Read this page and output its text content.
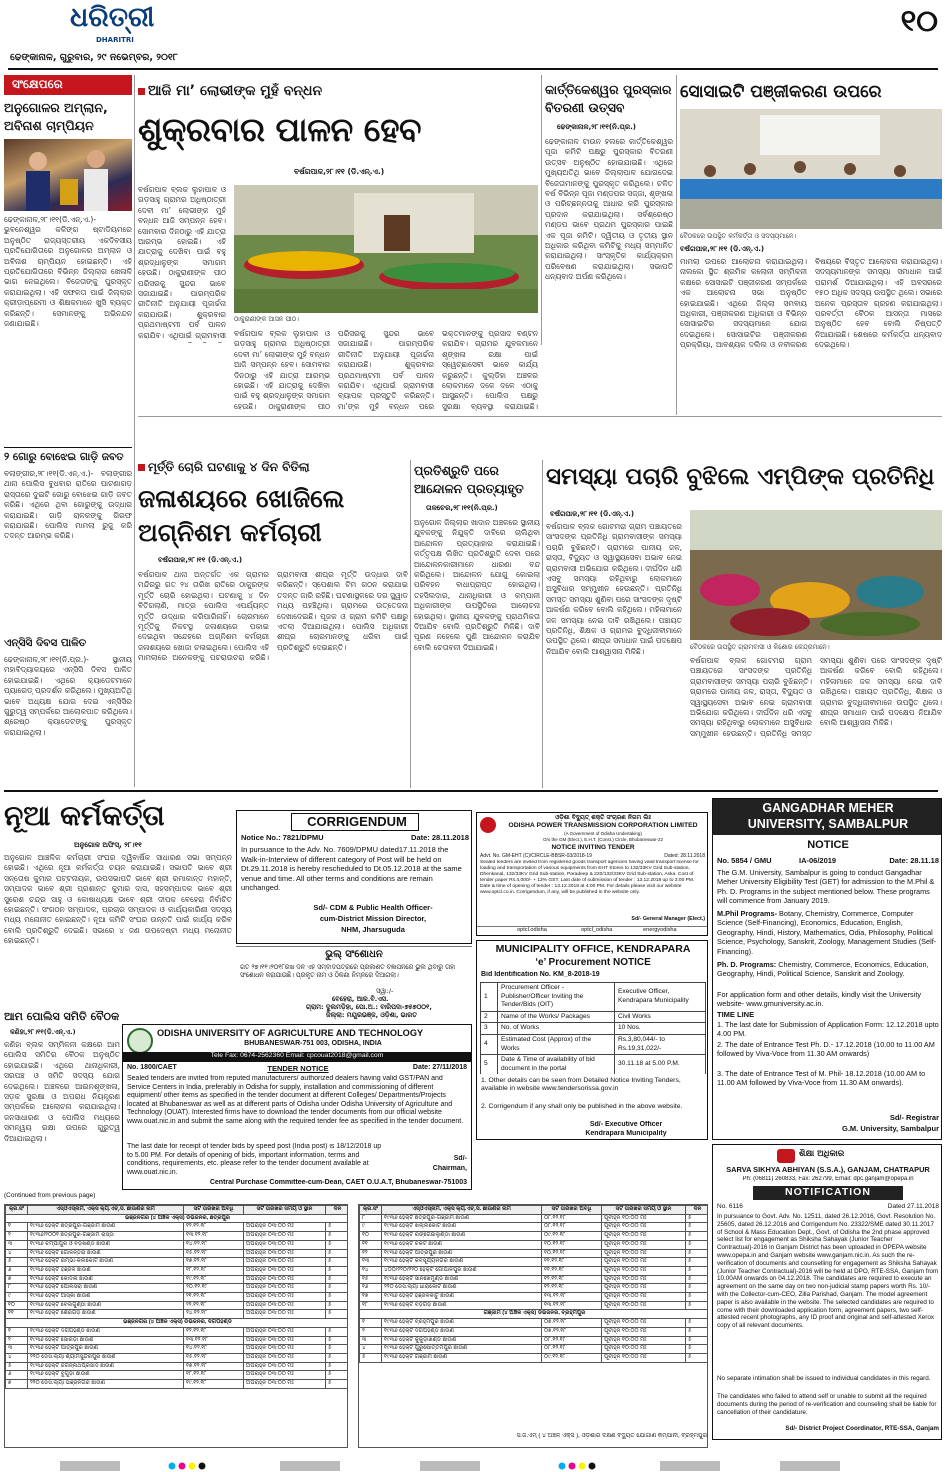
ଧରିତ୍ରୀ
DHARITRI
ଢେଙ୍କାନାଳ, ଗୁରୁବାର, ୨୯ ନଭେମ୍ବର, ୨୦୧୮
୧୦
ସଂକ୍ଷେପରେ
ଅନୁଗୋଳର ଅମ୍ଲାନ, ଅବିନାଶ ଚାମ୍ପିୟନ
ଢେଙ୍କାନାଳ,୨୮।୧୧(ଡି.ଏନ୍.ଏ.)- ଭୁବନେଶ୍ୱର କଳିଙ୍ଗ ଷ୍ଟାଡିୟମରେ ଅନୁଷ୍ଠିତ ରାଜ୍ୟସ୍ତରୀୟ ଏକଦିବସୀୟ ପ୍ରତିଯୋଗିତାରେ ଅନୁଗୋଳର ଅମ୍ଲାନ ଓ ଅବିନାଶ ଚାମ୍ପିୟନ ହୋଇଛନ୍ତି। ଏହି ପ୍ରତିଯୋଗିତାରେ ବିଭିନ୍ନ ଜିଲ୍ଲାର ଖେଳାଳି ଭାଗ ନେଇଥିଲେ। ବିଜେତାଙ୍କୁ ପୁରସ୍କୃତ କରାଯାଇଥିଲା। ଏହି ସଫଳତା ପାଇଁ ଜିଲ୍ଲାର କ୍ରୀଡ଼ାପ୍ରେମୀ ଓ ଶିକ୍ଷକମାନେ ଖୁସି ବ୍ୟକ୍ତ କରିଛନ୍ତି। ସେମାନଙ୍କୁ ଅଭିନନ୍ଦନ ଜଣାଯାଇଛି।
୨ ଗୋରୁ ବୋଝେଇ ଗାଡ଼ି ଜବତ
ବଲାଙ୍ଗୀର,୨୮।୧୧(ଡି.ଏନ୍.ଏ.)- ବଲାଙ୍ଗୀର ଥାନା ପୋଲିସ ବୁଧବାର ରାତିରେ ପାଟଣାଗଡ଼ ରାସ୍ତାରେ ଦୁଇଟି ଗୋରୁ ବୋଝେଇ ଗାଡ଼ି ଜବତ କରିଛି। ଏଥିରେ ଥିବା ଗୋରୁଙ୍କୁ ଉଦ୍ଧାର କରାଯାଇଛି। ଗାଡ଼ି ଚାଳକଙ୍କୁ ଗିରଫ କରାଯାଇଛି। ପୋଲିସ ମାମଲା ରୁଜୁ କରି ତଦନ୍ତ ଆରମ୍ଭ କରିଛି।
ଏନ୍‌ସିସି ଦିବସ ପାଳିତ
ଢେଙ୍କାନାଳ,୨୮।୧୧(ନି.ପ୍ର.)- ସ୍ଥାନୀୟ ମହାବିଦ୍ୟାଳୟରେ ଏନ୍‌ସିସି ଦିବସ ପାଳିତ ହୋଇଯାଇଛି। ଏଥିରେ କ୍ୟାଡେଟମାନେ ପ୍ୟାରେଡ୍ ପ୍ରଦର୍ଶନ କରିଥିଲେ। ମୁଖ୍ୟଅତିଥି ଭାବେ ଅଧ୍ୟକ୍ଷ ଯୋଗ ଦେଇ ଏନ୍‌ସିସିର ଗୁରୁତ୍ୱ ସମ୍ପର୍କରେ ଆଲୋକପାତ କରିଥିଲେ। ଶ୍ରେଷ୍ଠ କ୍ୟାଡେଟଙ୍କୁ ପୁରସ୍କୃତ କରାଯାଇଥିଲା।
ଆଜି ମା’ ଲୋଭୀଙ୍କ ମୁହଁ ବନ୍ଧନ
ଶୁକ୍ରବାର ପାଳନ ହେବ
ବର୍ଷଗପାଳ,୨୮।୧୧ (ଡି.ଏନ୍.ଏ.)
ବର୍ଷଗପାଳ ବ୍ଲକ ଲୁହାପାଳ ଓ ଗଡ଼ସାହୁ ଗ୍ରାମର ଅଧିଷ୍ଠାତ୍ରୀ ଦେବୀ ମା’ ଲୋଭୀଙ୍କ ମୁହଁ ବନ୍ଧନ ଆଜି ସମ୍ପନ୍ନ ହେବ। ସୋମବାର ଦିନଠାରୁ ଏହି ଯାତ୍ରା ଆରମ୍ଭ ହୋଇଛି। ଏହି ଯାତ୍ରାକୁ ଦେଖିବା ପାଇଁ ବହୁ ଶ୍ରଦ୍ଧାଳୁଙ୍କ ସମାଗମ ହେଉଛି। ଠାକୁରାଣୀଙ୍କ ପୀଠ ପରିସରକୁ ସୁନ୍ଦର ଭାବେ ସଜାଯାଇଛି। ପାରମ୍ପରିକ ରୀତିନୀତି ଅନୁଯାୟୀ ପୂଜାର୍ଚ୍ଚନା କରାଯାଉଛି। ଶୁକ୍ରବାର ପ୍ରଥମାଷ୍ଟମୀ ପର୍ବ ପାଳନ କରାଯିବ। ଏଥିପାଇଁ ଗ୍ରାମବାସୀ
ଠାକୁରାଣୀଙ୍କ ଆସନ ପୀଠ।
ବର୍ଷଗପାଳ ବ୍ଲକ ଲୁହାପାଳ ଓ ଗଡ଼ସାହୁ ଗ୍ରାମର ଅଧିଷ୍ଠାତ୍ରୀ ଦେବୀ ମା’ ଲୋଭୀଙ୍କ ମୁହଁ ବନ୍ଧନ ଆଜି ସମ୍ପନ୍ନ ହେବ। ସୋମବାର ଦିନଠାରୁ ଏହି ଯାତ୍ରା ଆରମ୍ଭ ହୋଇଛି। ଏହି ଯାତ୍ରାକୁ ଦେଖିବା ପାଇଁ ବହୁ ଶ୍ରଦ୍ଧାଳୁଙ୍କ ସମାଗମ ହେଉଛି। ଠାକୁରାଣୀଙ୍କ ପୀଠ ପରିସରକୁ ସୁନ୍ଦର ଭାବେ ସଜାଯାଇଛି। ପାରମ୍ପରିକ ରୀତିନୀତି ଅନୁଯାୟୀ ପୂଜାର୍ଚ୍ଚନା କରାଯାଉଛି। ଶୁକ୍ରବାର ପ୍ରଥମାଷ୍ଟମୀ ପର୍ବ ପାଳନ କରାଯିବ। ଏଥିପାଇଁ ଗ୍ରାମବାସୀ ବ୍ୟାପକ ପ୍ରସ୍ତୁତି କରିଛନ୍ତି। ମା’ଙ୍କ ମୁହଁ ବନ୍ଧନ ପରେ ଭକ୍ତମାନଙ୍କୁ ପ୍ରସାଦ ବଣ୍ଟନ କରାଯିବ। ଗ୍ରାମର ଯୁବକମାନେ ଶୃଙ୍ଖଳା ରକ୍ଷା ପାଇଁ ସ୍ୱେଚ୍ଛାସେବୀ ଭାବେ କାର୍ଯ୍ୟ କରୁଛନ୍ତି। କୁଲ୍ଡିହା ଅଞ୍ଚଳର ଲୋକମାନେ ଦଳେ ଦଳେ ଏଠାକୁ ଆସୁଛନ୍ତି। ପୋଲିସ ପକ୍ଷରୁ ସୁରକ୍ଷା ବ୍ୟବସ୍ଥା କରାଯାଇଛି।
କାର୍ତ୍ତିକେଶ୍ୱର ପୁରସ୍କାର ବିତରଣୀ ଉତ୍ସବ
ଢେଙ୍କାନାଳ,୨୮।୧୧(ନି.ପ୍ର.)
ଢେଙ୍କାନାଳ ଟାଉନ ହଲରେ କାର୍ତ୍ତିକେଶ୍ୱର ପୂଜା କମିଟି ପକ୍ଷରୁ ପୁରସ୍କାର ବିତରଣୀ ଉତ୍ସବ ଅନୁଷ୍ଠିତ ହୋଇଯାଇଛି। ଏଥିରେ ମୁଖ୍ୟଅତିଥି ଭାବେ ଜିଲ୍ଲାପାଳ ଯୋଗଦେଇ ବିଜେତାମାନଙ୍କୁ ପୁରସ୍କୃତ କରିଥିଲେ। ଚଳିତ ବର୍ଷ ବିଭିନ୍ନ ପୂଜା ମଣ୍ଡପର ସଜ୍ଜା, ଶୃଙ୍ଖଳା ଓ ପରିଚ୍ଛନ୍ନତାକୁ ଆଧାର କରି ପୁରସ୍କାର ପ୍ରଦାନ କରାଯାଇଥିଲା। ସର୍ବଶ୍ରେଷ୍ଠ ମଣ୍ଡପ ଭାବେ ପ୍ରଥମ ପୁରସ୍କାର ପାଇଛି ଏକ ପୂଜା କମିଟି। ଦ୍ୱିତୀୟ ଓ ତୃତୀୟ ସ୍ଥାନ ଅଧିକାର କରିଥିବା କମିଟିକୁ ମଧ୍ୟ ସମ୍ମାନିତ କରାଯାଇଥିଲା। ସାଂସ୍କୃତିକ କାର୍ଯ୍ୟକ୍ରମ ପରିବେଷଣ କରାଯାଇଥିଲା। ସଭାପତି ଧନ୍ୟବାଦ ଅର୍ପଣ କରିଥିଲେ।
ସୋସାଇଟି ପଞ୍ଜୀକରଣ ଉପରେ
ବୈଠକରେ ଉପସ୍ଥିତ କର୍ମକର୍ତ୍ତା ଓ ସଦସ୍ୟମାନେ।
ବର୍ଷଗପାଳ,୨୮।୧୧ (ଡି.ଏନ୍.ଏ.)
ମାମଲା ଉପରେ ଆଲୋଚନା କରାଯାଇଥିଲା। ନାଲକୋ ସ୍ଥିତ ଶ୍ରମିକ କଲୋନୀ ସମ୍ମିଳନୀ କକ୍ଷରେ ସୋସାଇଟି ପଞ୍ଜୀକରଣ ସମ୍ପର୍କରେ ଏକ ଆଲୋଚନା ସଭା ଅନୁଷ୍ଠିତ ହୋଇଯାଇଛି। ଏଥିରେ ଜିଲ୍ଲା ସମବାୟ ଅଧିକାରୀ, ପଞ୍ଜୀକରଣ ଅଧିକାରୀ ଓ ବିଭିନ୍ନ ସୋସାଇଟିର ସଦସ୍ୟମାନେ ଯୋଗ ଦେଇଥିଲେ। ସୋସାଇଟିର ପଞ୍ଜୀକରଣ ପ୍ରକ୍ରିୟା, ଆବଶ୍ୟକ ଦଲିଲ ଓ ନବୀକରଣ ବିଷୟରେ ବିସ୍ତୃତ ଆଲୋଚନା କରାଯାଇଥିଲା। ସଦସ୍ୟମାନଙ୍କ ସମସ୍ୟା ସମାଧାନ ପାଇଁ ପରାମର୍ଶ ଦିଆଯାଇଥିଲା। ଏହି ଅବସରରେ ୧୫୦ ଅଧିକ ସଦସ୍ୟ ଉପସ୍ଥିତ ଥିଲେ। ସଭାରେ ଅନେକ ପ୍ରସ୍ତାବ ଗ୍ରହଣ କରାଯାଇଥିଲା। ପରବର୍ତ୍ତୀ ବୈଠକ ଆସନ୍ତା ମାସରେ ଅନୁଷ୍ଠିତ ହେବ ବୋଲି ନିଷ୍ପତ୍ତି ନିଆଯାଇଛି। ଶେଷରେ କର୍ମକର୍ତ୍ତା ଧନ୍ୟବାଦ ଦେଇଥିଲେ।
ମୂର୍ତ୍ତି ଚୋରି ଘଟଣାକୁ ୪ ଦିନ ବିତିଲା
ଜଳାଶୟରେ ଖୋଜିଲେ ଅଗ୍ନିଶମ କର୍ମଚାରୀ
ବର୍ଷଗପାଳ,୨୮।୧୧ (ଡି.ଏନ୍.ଏ.)
ବର୍ଷଗପାଳ ଥାନା ଅନ୍ତର୍ଗତ ଏକ ଗ୍ରାମର ମନ୍ଦିରରୁ ଗତ ୨୪ ତାରିଖ ରାତିରେ ଠାକୁରଙ୍କ ମୂର୍ତ୍ତି ଚୋରି ହୋଇଥିଲା। ଘଟଣାକୁ ୪ ଦିନ ବିତିଗଲାଣି, ମାତ୍ର ପୋଲିସ ଏପର୍ଯ୍ୟନ୍ତ ମୂର୍ତ୍ତି ଉଦ୍ଧାର କରିପାରିନାହିଁ। ଚୋରମାନେ ମୂର୍ତ୍ତିକୁ ନିକଟସ୍ଥ ଜଳାଶୟରେ ପକାଇ ଦେଇଥିବା ସନ୍ଦେହରେ ଅଗ୍ନିଶମ କର୍ମଚାରୀ ଜଳାଶୟରେ ଖୋଜା ଚଳାଇଥିଲେ। ପୋଲିସ ଏହି ମାମଲାରେ ଅନେକଙ୍କୁ ପଚରାଉଚରା କରିଛି। ଗ୍ରାମବାସୀ ଶୀଘ୍ର ମୂର୍ତ୍ତି ଉଦ୍ଧାର ଦାବି କରିଛନ୍ତି। ସ୍ପେଶାଲ ଟିମ ଗଠନ କରାଯାଇ ତଦନ୍ତ ଜାରି ରହିଛି। ଘଟଣାସ୍ଥଳରେ ଡଗ ସ୍କ୍ୱାଡ ମଧ୍ୟ ପହଞ୍ଚିଥିଲା। ଗ୍ରାମରେ ଉତ୍ତେଜନା ଦେଖାଦେଇଛି। ପୂଜକ ଓ ଗ୍ରାମ କମିଟି ପକ୍ଷରୁ ଏତଲା ଦିଆଯାଇଥିଲା। ପୋଲିସ ଅଧିକାରୀ ଶୀଘ୍ର ଚୋରମାନଙ୍କୁ ଧରିବା ପାଇଁ ପ୍ରତିଶ୍ରୁତି ଦେଇଛନ୍ତି।
ପ୍ରତିଶ୍ରୁତି ପରେ ଆନ୍ଦୋଳନ ପ୍ରତ୍ୟାହୃତ
ତାଳଚେର,୨୮।୧୧(ନି.ପ୍ର.)
ଅନୁଗୋଳ ଜିଲ୍ଲାର ଖାଦାନ ଅଞ୍ଚଳରେ ସ୍ଥାନୀୟ ଯୁବକଙ୍କୁ ନିଯୁକ୍ତି ଦାବିରେ ଚାଲିଥିବା ଆନ୍ଦୋଳନ ପ୍ରତ୍ୟାହାର କରାଯାଇଛି। କର୍ତ୍ତୃପକ୍ଷ ଲିଖିତ ପ୍ରତିଶ୍ରୁତି ଦେବା ପରେ ଆନ୍ଦୋଳନକାରୀମାନେ ଧାରଣା ବନ୍ଦ କରିଥିଲେ। ଆନ୍ଦୋଳନ ଯୋଗୁ କୋଇଲା ପରିବହନ ବାଧାପ୍ରାପ୍ତ ହୋଇଥିଲା। ତହସିଲଦାର, ଥାନାଧିକାରୀ ଓ କମ୍ପାନୀ ଅଧିକାରୀଙ୍କ ଉପସ୍ଥିତିରେ ଆଲୋଚନା ହୋଇଥିଲା। ସ୍ଥାନୀୟ ଯୁବକଙ୍କୁ ପ୍ରାଥମିକତା ଦିଆଯିବ ବୋଲି ପ୍ରତିଶ୍ରୁତି ମିଳିଛି। ଦାବି ପୂରଣ ନହେଲେ ପୁଣି ଆନ୍ଦୋଳନ କରାଯିବ ବୋଲି ଚେତାବନୀ ଦିଆଯାଇଛି।
ସମସ୍ୟା ପଚାରି ବୁଝିଲେ ଏମ୍‌ପିଙ୍କ ପ୍ରତିନିଧି
ବର୍ଷଗପାଳ,୨୮।୧୧ (ଡି.ଏନ୍.ଏ.)
ବର୍ଷଗପାଳ ବ୍ଲକ ଗୋଟମରା ଗ୍ରାମ ପଞ୍ଚାୟତରେ ସାଂସଦଙ୍କ ପ୍ରତିନିଧି ଗ୍ରାମବାସୀଙ୍କ ସମସ୍ୟା ପଚାରି ବୁଝିଛନ୍ତି। ଗ୍ରାମରେ ପାନୀୟ ଜଳ, ରାସ୍ତା, ବିଦ୍ୟୁତ ଓ ସ୍ୱାସ୍ଥ୍ୟସେବା ଅଭାବ ନେଇ ଗ୍ରାମବାସୀ ଅଭିଯୋଗ କରିଥିଲେ। ଦୀର୍ଘଦିନ ଧରି ଏସବୁ ସମସ୍ୟା ରହିଥିବାରୁ ଲୋକମାନେ ଅସୁବିଧାର ସମ୍ମୁଖୀନ ହେଉଛନ୍ତି। ପ୍ରତିନିଧି ସମସ୍ତ ସମସ୍ୟା ଶୁଣିବା ପରେ ସାଂସଦଙ୍କ ଦୃଷ୍ଟି ଆକର୍ଷଣ କରିବେ ବୋଲି କହିଥିଲେ। ମହିଳାମାନେ ଜଳ ସମସ୍ୟା ନେଇ ଦାବି ରଖିଥିଲେ। ପଞ୍ଚାୟତ ପ୍ରତିନିଧି, ଶିକ୍ଷକ ଓ ଗ୍ରାମର ବୁଦ୍ଧିଜୀବୀମାନେ ଉପସ୍ଥିତ ଥିଲେ। ଶୀଘ୍ର ସମାଧାନ ପାଇଁ ପଦକ୍ଷେପ ନିଆଯିବ ବୋଲି ଆଶ୍ୱାସନା ମିଳିଛି।	ବୈଠକରେ ଉପସ୍ଥିତ ଗ୍ରାମବାସୀ ଓ କିଶୋର କେନ୍ଦ୍ରମାନେ।
ବର୍ଷଗପାଳ ବ୍ଲକ ଗୋଟମରା ଗ୍ରାମ ପଞ୍ଚାୟତରେ ସାଂସଦଙ୍କ ପ୍ରତିନିଧି ଗ୍ରାମବାସୀଙ୍କ ସମସ୍ୟା ପଚାରି ବୁଝିଛନ୍ତି। ଗ୍ରାମରେ ପାନୀୟ ଜଳ, ରାସ୍ତା, ବିଦ୍ୟୁତ ଓ ସ୍ୱାସ୍ଥ୍ୟସେବା ଅଭାବ ନେଇ ଗ୍ରାମବାସୀ ଅଭିଯୋଗ କରିଥିଲେ। ଦୀର୍ଘଦିନ ଧରି ଏସବୁ ସମସ୍ୟା ରହିଥିବାରୁ ଲୋକମାନେ ଅସୁବିଧାର ସମ୍ମୁଖୀନ ହେଉଛନ୍ତି। ପ୍ରତିନିଧି ସମସ୍ତ ସମସ୍ୟା ଶୁଣିବା ପରେ ସାଂସଦଙ୍କ ଦୃଷ୍ଟି ଆକର୍ଷଣ କରିବେ ବୋଲି କହିଥିଲେ। ମହିଳାମାନେ ଜଳ ସମସ୍ୟା ନେଇ ଦାବି ରଖିଥିଲେ। ପଞ୍ଚାୟତ ପ୍ରତିନିଧି, ଶିକ୍ଷକ ଓ ଗ୍ରାମର ବୁଦ୍ଧିଜୀବୀମାନେ ଉପସ୍ଥିତ ଥିଲେ। ଶୀଘ୍ର ସମାଧାନ ପାଇଁ ପଦକ୍ଷେପ ନିଆଯିବ ବୋଲି ଆଶ୍ୱାସନା ମିଳିଛି।
ନୂଆ କର୍ମକର୍ତ୍ତା
ଅନୁଗୋଳ ଅଫିସ୍, ୨୮।୧୧
ଅନୁଗୋଳ ଆଞ୍ଚଳିକ କର୍ମଚାରୀ ସଂଘର ଦ୍ୱିବାର୍ଷିକ ସାଧାରଣ ସଭା ସମ୍ପନ୍ନ ହୋଇଛି। ଏଥିରେ ନୂଆ କର୍ମକର୍ତ୍ତା ଚୟନ କରାଯାଇଛି। ସଭାପତି ଭାବେ ଶ୍ରୀ ସନ୍ତୋଷ କୁମାର ପଟ୍ଟନାୟକ, ଉପସଭାପତି ଭାବେ ଶ୍ରୀ ରମାକାନ୍ତ ମହାନ୍ତି, ସମ୍ପାଦକ ଭାବେ ଶ୍ରୀ ପ୍ରଶାନ୍ତ କୁମାର ଦାସ, ସହସମ୍ପାଦକ ଭାବେ ଶ୍ରୀ ସୁରେଶ ଚନ୍ଦ୍ର ସାହୁ ଓ କୋଷାଧ୍ୟକ୍ଷ ଭାବେ ଶ୍ରୀ ଦୀପକ ବେହେରା ନିର୍ବାଚିତ ହୋଇଛନ୍ତି। ସଂଗଠନ ସମ୍ପାଦକ, ପ୍ରଚାର ସମ୍ପାଦକ ଓ କାର୍ଯ୍ୟକାରିଣୀ ସଦସ୍ୟ ମଧ୍ୟ ମନୋନୀତ ହୋଇଛନ୍ତି। ନୂଆ କମିଟି ସଂଘର ଉନ୍ନତି ପାଇଁ କାର୍ଯ୍ୟ କରିବ ବୋଲି ପ୍ରତିଶ୍ରୁତି ଦେଇଛି। ସଭାରେ ୪ ଜଣ ଉପଦେଷ୍ଟା ମଧ୍ୟ ମନୋନୀତ ହୋଇଛନ୍ତି।
ଆମ ପୋଲିସ ସମିତି ବୈଠକ
କଣିହା,୨୮।୧୧(ଡି.ଏନ୍.ଏ.)
କଣିହା ବ୍ଲକ ସମ୍ମିଳନୀ କକ୍ଷରେ ଆମ ପୋଲିସ ସମିତିର ବୈଠକ ଅନୁଷ୍ଠିତ ହୋଇଯାଇଛି। ଏଥିରେ ଥାନାଧିକାରୀ, ସରପଞ୍ଚ ଓ ସମିତି ସଦସ୍ୟ ଯୋଗ ଦେଇଥିଲେ। ଅଞ୍ଚଳରେ ଆଇନଶୃଙ୍ଖଳା, ସଡ଼କ ସୁରକ୍ଷା ଓ ଅପରାଧ ନିୟନ୍ତ୍ରଣ ସମ୍ପର୍କରେ ଆଲୋଚନା କରାଯାଇଥିଲା। ଜନସାଧାରଣ ଓ ପୋଲିସ ମଧ୍ୟରେ ସମନ୍ୱୟ ରକ୍ଷା ଉପରେ ଗୁରୁତ୍ୱ ଦିଆଯାଇଥିଲା।
CORRIGENDUM
Notice No.: 7821/DPMU	Date: 28.11.2018
In pursuance to the Adv. No. 7609/DPMU dated17.11.2018 the Walk-in-Interview of different category of Post will be held on Dt.29.11.2018 is hereby rescheduled to Dt.05.12.2018 at the same venue and time. All other terms and conditions are remain unchanged.
Sd/- CDM & Public Health Officer-
cum-District Mission Director,
NHM, Jharsuguda
ଭୁଲ୍ ସଂଶୋଧନ
ଗତ ୨୭।୧୧।୨୦୧୮ରିଖ ଦିନ ଏହି ସମ୍ବାଦପତ୍ରରେ ପ୍ରକାଶିତ ବିଜ୍ଞାପନରେ ଭୁଲ ଥିବାରୁ ତାହା ସଂଶୋଧନ କରାଯାଉଛି। ପ୍ରକୃତ ନାମ ଓ ଠିକଣା ନିମ୍ନରେ ଦିଆଗଲା।
ସ୍ୱା:/-
ବେହେରା, ଆର.ବି.ଏସ.
ଗ୍ରାମ: ଦୁଲମଡ଼ିହା, ପୋ.ଅ.: ବାରିପଦା-୭୫୭୦୦୧,
ଜିଲ୍ଲା: ମୟୂରଭଞ୍ଜ, ଓଡ଼ିଶା, ଭାରତ
ଓଡ଼ିଶା ବିଦ୍ୟୁତ୍ ଶକ୍ତି ସଂଚାରଣ ନିଗମ ଲିଃ
ODISHA POWER TRANSMISSION CORPORATION LIMITED
(A Government of Odisha Undertaking)
O/o the GM (Elect.), E.H.T. (Const.) Circle, Bhubaneswar-22
NOTICE INVITING TENDER
Advt. No. GM-EHT (C)/CIRCLE-BBSR-03/2018-19	Dated: 28.11.2018
Sealed tenders are invited from registered goods transport agencies having valid transport license for loading and transportation of various equipments from EHT Stores to 132/33KV Grid Sub-station, Dhenkanal, 132/33KV Grid Sub-station, Paradeep & 220/132/33KV Grid Sub-station, Aska. Cost of tender paper Rs.4,000/- + 12% GST. Last date of submission of tender : 13.12.2018 up to 3:00 PM. Date & time of opening of tender : 13.12.2018 at 4:00 PM. For details please visit our website www.optcl.co.in. Corrigendum, if any, will be published in the website only.
Sd/- General Manager (Elect.)
optcl.odisha	optcl_odisha	energyodisha
MUNICIPALITY OFFICE, KENDRAPARA
‘e’ Procurement NOTICE
Bid Identification No. KM_8-2018-19
1	Procurement Officer - Publisher/Officer Inviting the Tender/Bids (OIT)	Executive Officer, Kendrapara Municipality
2	Name of the Works/ Packages	Civil Works
3	No. of Works	10 Nos.
4	Estimated Cost (Approx) of the Works	Rs.3,80,044/- to Rs.19,31,022/-
5	Date & Time of availability of bid document in the portal	30.11.18 at 5.00 P.M.

1. Other details can be seen from Detailed Notice Inviting Tenders, available in website www.tendersorissa.gov.in
2. Corrigendum if any shall only be published in the above website.
Sd/- Executive Officer
Kendrapara Municipality
GANGADHAR MEHER
UNIVERSITY, SAMBALPUR
NOTICE
No. 5854 / GMU	IA-06/2019	Date: 28.11.18
The G.M. University, Sambalpur is going to conduct Gangadhar Meher University Eligibility Test (GET) for admission to the M.Phil & Ph. D. Programs in the subject mentioned below. These programs will commence from January 2019.
M.Phil Programs- Botany, Chemistry, Commerce, Computer Science (Self-Financing), Economics, Education, English, Geography, Hindi, History, Mathematics, Odia, Philosophy, Political Science, Psychology, Sanskrit, Zoology, Management Studies (Self-Financing).
Ph. D. Programs: Chemistry, Commerce, Economics, Education, Geography, Hindi, Political Science, Sanskrit and Zoology.
For application form and other details, kindly visit the University website- www.gmuniversity.ac.in.
TIME LINE
1. The last date for Submission of Application Form: 12.12.2018 upto 4.00 PM.
2. The date of Entrance Test Ph. D.- 17.12.2018 (10.00 to 11.00 AM followed by Viva-Voce from 11.30 AM onwards)
3. The date of Entrance Test of M. Phil- 18.12.2018 (10.00 AM to 11.00 AM followed by Viva-Voce from 11.30 AM onwards).
Sd/- Registrar
G.M. University, Sambalpur
ODISHA UNIVERSITY OF AGRICULTURE AND TECHNOLOGY
BHUBANESWAR-751 003, ODISHA, INDIA
Tele Fax: 0674-2562360 Email: cpcouat2018@gmail.com
No. 1800/CAET	TENDER NOTICE	Date: 27/11/2018
Sealed tenders are invited from reputed manufacturers/ authorized dealers having valid GST/PAN and Service Centers in India, preferably in Odisha for supply, installation and commissioning of different equipment/ other items as specified in the tender document at different Colleges/ Departments/Projects located at Bhubaneswar as well as at different parts of Odisha under Odisha University of Agriculture and Technology (OUAT). Interested firms have to download the tender documents from our official website www.ouat.nic.in and submit the same along with the required tender fee as specified in the tender document.
The last date for receipt of tender bids by speed post (India post) is 18/12/2018 up to 5.00 PM. For details of opening of bids, important information, terms and conditions, requirements, etc. please refer to the tender document available at www.ouat.nic.in.
Sd/-
Chairman,
Central Purchase Committee-cum-Dean, CAET O.U.A.T, Bhubaneswar-751003
(Continued from previous page)
କ୍ର.ସଂ	ଏସ୍‌ଓଏସ୍‌ନାମ, ଏକ୍ସ କ୍ୟ.ଏଚ୍.ସି. ଛାଉଣିର ନାମ	ସର୍ଟ ତାରିଖର ଅବଧି	ସର୍ଟ ତାରିଖର ସମୟ ଓ ସ୍ଥାନ	ଦିନ
ଭଞ୍ଜନଗର (୪ ଅଞ୍ଚଳ ଏକ୍ସ) ଡିଭିଜନର, ଛତ୍ରପୁର				
୧	୧୯୩୬ ହେକ୍ଟ ଛତ୍ରପୁର-ଗଞ୍ଜାମ ଛାଉଣି	୧୨.୧୨.୧୮	ଅପରାହ୍ନ ୦୩:୦୦ ମିଃ	୫
୨	୧୯୩୬/୨୦୦୧ ଛତ୍ରପୁର-ଗଞ୍ଜାମ ରାସ୍ତା	୧୩.୧୨.୧୮	ଅପରାହ୍ନ ୦୩:୦୦ ମିଃ	୫
୩	୧୯୩୬ ଚମ୍ପାପୁର ଓ ବଡ଼ଖଣ୍ଡି ଛାଉଣି	୧୪.୧୨.୧୮	ଅପରାହ୍ନ ୦୩:୦୦ ମିଃ	୫
୪	୧୯୩୬ ହେକ୍ଟ ଗୋଳନ୍ତରା ଛାଉଣି	୧୫.୧୨.୧୮	ଅପରାହ୍ନ ୦୩:୦୦ ମିଃ	୫
୫	୧୯୩୬ ହେକ୍ଟ ରମ୍ଭା-କଲିକୋଟ ଛାଉଣି	୧୭.୧୨.୧୮	ଅପରାହ୍ନ ୦୩:୦୦ ମିଃ	୫
୬	୧୯୩୬ ହେକ୍ଟ ହିଞ୍ଜିଳି ଛାଉଣି	୧୮.୧୨.୧୮	ଅପରାହ୍ନ ୦୩:୦୦ ମିଃ	୫
୭	୧୯୩୬ ହେକ୍ଟ କୋଦଳା ଛାଉଣି	୧୯.୧୨.୧୮	ଅପରାହ୍ନ ୦୩:୦୦ ମିଃ	୫
୮	୧୯୩୬ ହେକ୍ଟ ପୋଲସରା ଛାଉଣି	୨୦.୧୨.୧୮	ଅପରାହ୍ନ ୦୩:୦୦ ମିଃ	୫
୯	୧୯୩୬ ହେକ୍ଟ ଆସ୍କା ଛାଉଣି	୨୧.୧୨.୧୮	ଅପରାହ୍ନ ୦୩:୦୦ ମିଃ	୫
୧୦	୧୯୩୬ ହେକ୍ଟ ବେଲଗୁଣ୍ଠା ଛାଉଣି	୨୨.୧୨.୧୮	ଅପରାହ୍ନ ୦୩:୦୦ ମିଃ	୫
୧୧	୧୯୩୬ ହେକ୍ଟ ଶେରଗଡ଼ ଛାଉଣି	୨୪.୧୨.୧୮	ଅପରାହ୍ନ ୦୩:୦୦ ମିଃ	୫
ଭଞ୍ଜନଗର (୪ ଅଞ୍ଚଳ ଏକ୍ସ) ଡିଭିଜନର, ଦିଗପହଣ୍ଡି				
୧	୧୯୩୬ ହେକ୍ଟ ଦିଗପହଣ୍ଡି ଛାଉଣି	୧୨.୧୨.୧୮	ଅପରାହ୍ନ ୦୩:୦୦ ମିଃ	୫
୨	୧୯୩୬ ହେକ୍ଟ ସୋରଡ଼ା ଛାଉଣି	୧୩.୧୨.୧୮	ଅପରାହ୍ନ ୦୩:୦୦ ମିଃ	୫
୩	୧୯୩୬ ହେକ୍ଟ ପାତ୍ରପୁର ଛାଉଣି	୧୪.୧୨.୧୮	ଅପରାହ୍ନ ୦୩:୦୦ ମିଃ	୫
୪	୨୨୦ ଡେସି.ଲ୍ୟା ଶ୍ୟାମସୁନ୍ଦରପୁର ଛାଉଣି	୧୫.୧୨.୧୮	ଅପରାହ୍ନ ୦୩:୦୦ ମିଃ	୫
୫	୧୯୩୬ ହେକ୍ଟ ଜଗନ୍ନାଥପ୍ରସାଦ ଛାଉଣି	୧୭.୧୨.୧୮	ଅପରାହ୍ନ ୦୩:୦୦ ମିଃ	୫
୬	୧୯୩୬ ହେକ୍ଟ ବୁଗୁଡ଼ା ଛାଉଣି	୧୮.୧୨.୧୮	ଅପରାହ୍ନ ୦୩:୦୦ ମିଃ	୫
୭	୨୨୦ ଡେସି.ଲ୍ୟା ଭଞ୍ଜନଗର ଛାଉଣି	୧୯.୧୨.୧୮	ଅପରାହ୍ନ ୦୩:୦୦ ମିଃ	୫
କ୍ର.ସଂ	ଏସ୍‌ଓଏସ୍‌ନାମ, ଏକ୍ସ କ୍ୟ.ଏଚ୍.ସି. ଛାଉଣିର ନାମ	ସର୍ଟ ତାରିଖର ଅବଧି	ସର୍ଟ ତାରିଖର ସମୟ ଓ ସ୍ଥାନ	ଦିନ
୮	୧୯୩୬ ହେକ୍ଟ ଛତ୍ରପୁର-ଗଞ୍ଜାମ ଛାଉଣି	୦୮.୧୨.୧୮	ପୂର୍ବାହ୍ନ ୧୦:୦୦ ମିଃ	୫
୯	୧୯୩୬ ହେକ୍ଟ ଖଲ୍ଲିକୋଟ ଛାଉଣି	୦୮.୧୨.୧୮	ପୂର୍ବାହ୍ନ ୧୦:୦୦ ମିଃ	୫
୧୦	୧୯୩୬ ହେକ୍ଟ ରଙ୍ଗେଇଲୁଣ୍ଡା ଛାଉଣି	୦୯.୧୨.୧୮	ପୂର୍ବାହ୍ନ ୧୦:୦୦ ମିଃ	୫
୧୧	୧୯୩୬ ହେକ୍ଟ ଚିକିଟି ଛାଉଣି	୧୦.୧୨.୧୮	ପୂର୍ବାହ୍ନ ୧୦:୦୦ ମିଃ	୫
୧୨	୧୯୩୬ ହେକ୍ଟ ପାତ୍ରପୁର ଛାଉଣି	୧୦.୧୨.୧୮	ପୂର୍ବାହ୍ନ ୧୦:୦୦ ମିଃ	୫
୧୩	୧୯୩୬ ହେକ୍ଟ କବିସୂର୍ଯ୍ୟନଗର ଛାଉଣି	୧୧.୧୨.୧୮	ପୂର୍ବାହ୍ନ ୧୦:୦୦ ମିଃ	୫
୧୪	୪୦୦/୨୨୦/୨୨୦ ହେକ୍ଟ ଗୋପାଳପୁର ଛାଉଣି	୧୧.୧୨.୧୮	ପୂର୍ବାହ୍ନ ୧୦:୦୦ ମିଃ	୫
୧୫	୧୯୩୬ ହେକ୍ଟ ସାନଖେମୁଣ୍ଡି ଛାଉଣି	୧୨.୧୨.୧୮	ପୂର୍ବାହ୍ନ ୧୦:୦୦ ମିଃ	୫
୧୬	୨୨୦ ଡେସି.ଲ୍ୟା ଧାରାକୋଟ ଛାଉଣି	୧୨.୧୨.୧୮	ପୂର୍ବାହ୍ନ ୧୦:୦୦ ମିଃ	୫
୧୭	୧୯୩୬ ହେକ୍ଟ ହିଞ୍ଜିଳିକାଟୁ ଛାଉଣି	୧୩.୧୨.୧୮	ପୂର୍ବାହ୍ନ ୧୦:୦୦ ମିଃ	୫
୧୮	୧୯୩୬ ହେକ୍ଟ ବଡ଼ଗଡ଼ ଛାଉଣି	୧୩.୧୨.୧୮	ପୂର୍ବାହ୍ନ ୧୦:୦୦ ମିଃ	୫
ଗଞ୍ଜାମ (୪ ଅଞ୍ଚଳ ଏକ୍ସ) ଡିଭିଜନର, ବ୍ରହ୍ମପୁର				
୧	୧୯୩୬ ହେକ୍ଟ ବ୍ରହ୍ମପୁର ଛାଉଣି	୦୭.୧୨.୧୮	ପୂର୍ବାହ୍ନ ୧୦:୦୦ ମିଃ	୫
୨	୧୯୩୬ ହେକ୍ଟ ଦିଗପହଣ୍ଡି ଛାଉଣି	୦୭.୧୨.୧୮	ପୂର୍ବାହ୍ନ ୧୦:୦୦ ମିଃ	୫
୩	୧୯୩୬ ହେକ୍ଟ କୁକୁଡ଼ାଖଣ୍ଡି ଛାଉଣି	୦୮.୧୨.୧୮	ପୂର୍ବାହ୍ନ ୧୦:୦୦ ମିଃ	୫
୪	୧୯୩୬ ହେକ୍ଟ ପୁରୁଷୋତ୍ତମପୁର ଛାଉଣି	୦୮.୧୨.୧୮	ପୂର୍ବାହ୍ନ ୧୦:୦୦ ମିଃ	୫
୫	୧୯୩୬ ହେକ୍ଟ ଗଞ୍ଜାମ ଛାଉଣି	୦୯.୧୨.୧୮	ପୂର୍ବାହ୍ନ ୧୦:୦୦ ମିଃ	୫
ସି.ଜି.ଏମ୍ ( ୪ ଅଞ୍ଚଳ ଏକ୍ସ ), ଓଡ଼ିଶାର ଦକ୍ଷିଣ ବିଦ୍ୟୁତ ଯୋଗାଣ କମ୍ପାନୀ, ବ୍ରହ୍ମପୁର
ଶିକ୍ଷା ଅଧିକାର
SARVA SIKHYA ABHIYAN (S.S.A.), GANJAM, CHATRAPUR
Ph: (06811) 260833, Fax: 262799, Email: dpc.ganjam@opepa.in
NOTIFICATION
No. 6116	Dated 27.11.2018
In pursuance to Govt. Adv. No. 12511, dated 26.12.2016, Govt. Resolution No. 25605, dated 26.12.2016 and Corrigendum No. 23322/SME dated 30.11.2017 of School & Mass Education Dept., Govt. of Odisha the 2nd phase approved select list for engagement as Shiksha Sahayak (Junior Teacher Contractual)-2016 in Ganjam District has been uploaded in OPEPA website www.opepa.in and Ganjam website www.ganjam.nic.in. As such the re-verification of documents and counselling for engagement as Shiksha Sahayak (Junior Teacher Contractual)-2016 will be held at DPO, RTE-SSA, Ganjam from 10.00AM onwards on 04.12.2018. The candidates are required to execute an agreement on the same day on two non-judicial stamp papers worth Rs. 10/- with the Collector-cum-CEO, Zilla Parishad, Ganjam. The model agreement paper is also available in the website. The selected candidates are required to come with their downloaded application form, agreement papers, two self-attested recent photographs, any ID proof and original and self-attested Xerox copy of all relevant documents.
No separate intimation shall be issued to individual candidates in this regard.
The candidates who failed to attend self or unable to submit all the required documents during the period of re-verification and counseling shall be liable for cancellation of their candidature.
Sd/- District Project Coordinator, RTE-SSA, Ganjam
